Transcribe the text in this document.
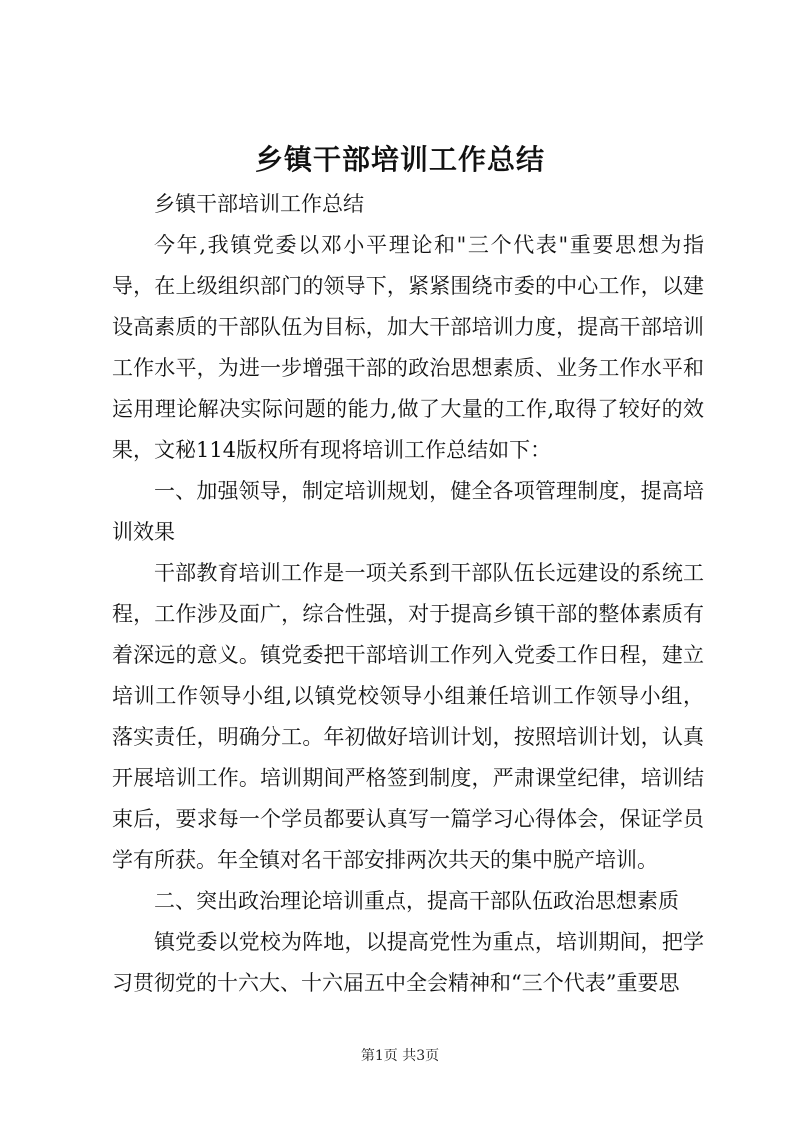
乡镇干部培训工作总结

乡镇干部培训工作总结

今年,我镇党委以邓小平理论和"三个代表"重要思想为指导，在上级组织部门的领导下，紧紧围绕市委的中心工作，以建设高素质的干部队伍为目标，加大干部培训力度，提高干部培训工作水平，为进一步增强干部的政治思想素质、业务工作水平和运用理论解决实际问题的能力,做了大量的工作,取得了较好的效果，文秘114版权所有现将培训工作总结如下：

一、加强领导，制定培训规划，健全各项管理制度，提高培训效果

干部教育培训工作是一项关系到干部队伍长远建设的系统工程，工作涉及面广，综合性强，对于提高乡镇干部的整体素质有着深远的意义。镇党委把干部培训工作列入党委工作日程，建立培训工作领导小组,以镇党校领导小组兼任培训工作领导小组，落实责任，明确分工。年初做好培训计划，按照培训计划，认真开展培训工作。培训期间严格签到制度，严肃课堂纪律，培训结束后，要求每一个学员都要认真写一篇学习心得体会，保证学员学有所获。年全镇对名干部安排两次共天的集中脱产培训。

二、突出政治理论培训重点，提高干部队伍政治思想素质

镇党委以党校为阵地，以提高党性为重点，培训期间，把学习贯彻党的十六大、十六届五中全会精神和“三个代表”重要思

第1页 共3页
